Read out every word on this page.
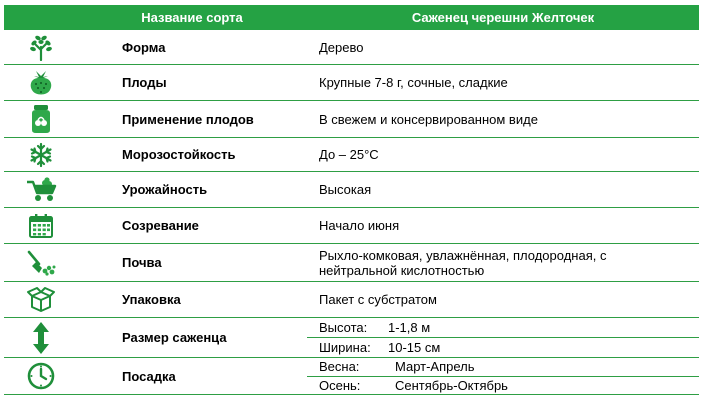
Название сорта	Саженец черешни Желточек
Форма	Дерево
Плоды	Крупные 7-8 г, сочные, сладкие
Применение плодов	В свежем и консервированном виде
Морозостойкость	До – 25°С
Урожайность	Высокая
Созревание	Начало июня
Почва	Рыхло-комковая, увлажнённая, плодородная, с
нейтральной кислотностью
Упаковка	Пакет с субстратом
Размер саженца
Высота:	1-1,8 м
Ширина:	10-15 см
Посадка
Весна:	Март-Апрель
Осень:	Сентябрь-Октябрь
